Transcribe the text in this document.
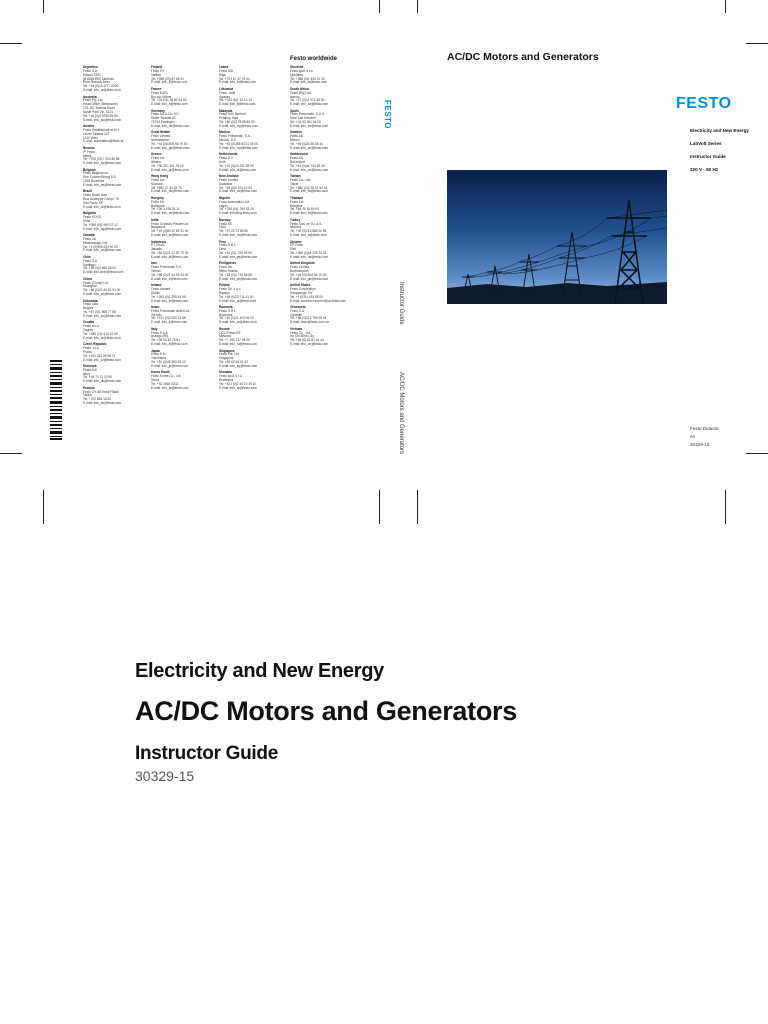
Festo worldwide
Argentina
Festo S.A.
Edison 2392
(B1640HRV) Martinez
Prov. Buenos Aires
Tel. +54 (0)11 4717 8200
E-mail: info_ar@festo.com
Australia
Festo Pty. Ltd.
Head Office (Melbourne)
179-187 Browns Road
Noble Park Vic. 3174
Tel. +61 (0)3 9795 95 55
E-mail: info_au@festo.com
Austria
Festo Gesellschaft m.b.H.
Linzer Strasse 227
1140 Wien
E-mail: automation@festo.at
Belarus
IP Festo
Minsk
Tel. +375 (0)17 204 85 58
E-mail: info_by@festo.com
Belgium
Festo Belgium sa
Rue Colonel Bourg 101
1030 Bruxelles
E-mail: info_be@festo.com
Brazil
Festo Brasil Ltda
Rua Guiseppe Crespi, 76
Sao Paulo SP
E-mail: info_br@festo.com
Bulgaria
Festo EOOD
Sofia
Tel. +359 (0)2 960 07 12
E-mail: info_bg@festo.com
Canada
Festo Inc.
Mississauga, ON
Tel. +1 (0)905 624 90 00
E-mail: info_ca@festo.com
Chile
Festo S.A.
Santiago
Tel. +56 (0)2 690 28 00
E-mail: info.chile@festo.com
China
Festo (China) Ltd.
Shanghai
Tel. +86 (0)21 60 81 51 00
E-mail: info_cn@festo.com
Colombia
Festo Ltda.
Bogota
Tel. +57 (0)1 865 77 88
E-mail: info_co@festo.com
Croatia
Festo d.o.o.
Zagreb
Tel. +385 (0)1 619 19 69
E-mail: info_hr@festo.com
Czech Republic
Festo, s.r.o.
Praha
Tel. +420 261 09 96 11
E-mail: info_cz@festo.com
Denmark
Festo A/S
Ishoj
Tel. +45 70 21 10 90
E-mail: info_dk@festo.com
Estonia
Festo OY AB Eesti Filiaal
Tallinn
Tel. +372 666 15 60
E-mail: info_ee@festo.com
Finland
Festo OY
Vantaa
Tel. +358 (09) 87 06 51
E-mail: info_fi@festo.com
France
Festo EURL
Bry-sur-Marne
Tel. +33 (0)1 48 82 64 00
E-mail: info_fr@festo.com
Germany
Festo AG & Co. KG
Ruiter Strasse 82
73734 Esslingen
E-mail: info_de@festo.com
Great Britain
Festo Limited
Northampton
Tel. +44 (0)1604 66 70 00
E-mail: info_gb@festo.com
Greece
Festo Ltd.
Athens
Tel. +30 210 341 29 00
E-mail: info_gr@festo.com
Hong Kong
Festo Ltd.
Kowloon
Tel. +852 27 43 83 79
E-mail: info_hk@festo.com
Hungary
Festo Kft.
Budapest
Tel. +36 1 436 51 11
E-mail: info_hu@festo.com
India
Festo Controls Private Ltd.
Bangalore
Tel. +91 (0)80 22 89 41 00
E-mail: info_in@festo.com
Indonesia
PT. Festo
Jakarta
Tel. +62 (0)21 27 50 79 00
E-mail: info_id@festo.com
Iran
Festo Pneumatic S.K.
Tehran
Tel. +98 (0)21 44 52 24 09
E-mail: info_ir@festo.com
Ireland
Festo Limited
Dublin
Tel. +353 (0)1 295 49 55
E-mail: info_ie@festo.com
Israel
Festo Pneumatic Israel Ltd.
Tel Aviv
Tel. +972 (0)3 632 22 66
E-mail: info_il@festo.com
Italy
Festo S.p.A.
Assago (MI)
Tel. +39 02 45 78 81
E-mail: info_it@festo.com
Japan
Festo K.K.
Yokohama
Tel. +81 (0)45 593 56 10
E-mail: info_jp@festo.com
Korea South
Festo Korea Co., Ltd.
Seoul
Tel. +82 1666 0202
E-mail: info_kr@festo.com
Latvia
Festo SIA
Riga
Tel. +371 67 57 78 64
E-mail: info_lv@festo.com
Lithuania
Festo, UAB
Kaunas
Tel. +370 (8)7 32 13 14
E-mail: info_lt@festo.com
Malaysia
Festo Sdn. Berhad
Petaling Jaya
Tel. +60 (0)3 78 85 80 00
E-mail: info_my@festo.com
Mexico
Festo Pneumatic, S.A.
Mexico, D.F.
Tel. +52 (01)55 53 21 66 00
E-mail: info_mx@festo.com
Netherlands
Festo B.V.
Delft
Tel. +31 (0)15 251 88 99
E-mail: info_nl@festo.com
New Zealand
Festo Limited
Auckland
Tel. +64 (0)9 574 10 94
E-mail: info_nz@festo.com
Nigeria
Festo Automation Ltd.
Lagos
Tel. +234 (0)1 794 78 20
E-mail: info@ng-festo.com
Norway
Festo AS
Oslo
Tel. +47 22 72 89 50
E-mail: info_no@festo.com
Peru
Festo S.R.L.
Lima
Tel. +51 (0)1 219 69 60
E-mail: info_pe@festo.com
Philippines
Festo Inc.
Metro Manila
Tel. +63 (0)2 776 68 88
E-mail: info_ph@festo.com
Poland
Festo Sp. z o.o.
Raszyn
Tel. +48 (0)22 711 41 00
E-mail: info_pl@festo.com
Romania
Festo S.R.L.
Bucuresti
Tel. +40 (0)21 403 95 00
E-mail: info_ro@festo.com
Russia
OOO Festo-RF
Moscow
Tel. +7 495 737 34 00
E-mail: info_ru@festo.com
Singapore
Festo Pte. Ltd.
Singapore
Tel. +65 62 64 01 52
E-mail: info_sg@festo.com
Slovakia
Festo spol. s r.o.
Bratislava
Tel. +421 (0)2 49 10 49 10
E-mail: info_sk@festo.com
Slovenia
Festo spol. s r.o.
Ljubljana
Tel. +386 (0)1 530 21 00
E-mail: info_si@festo.com
South Africa
Festo (Pty) Ltd.
Isando
Tel. +27 (0)11 971 55 00
E-mail: info_za@festo.com
Spain
Festo Pneumatic, S.A.U.
Sant Just Desvern
Tel. +34 93 261 64 00
E-mail: info_es@festo.com
Sweden
Festo AB
Malmo
Tel. +46 (0)20 38 38 40
E-mail: info_se@festo.com
Switzerland
Festo AG
Dubendorf
Tel. +41 (0)44 744 55 44
E-mail: info_ch@festo.com
Taiwan
Festo Co., Ltd.
Taipei
Tel. +886 (0)2 26 01 92 81
E-mail: info_tw@festo.com
Thailand
Festo Ltd.
Bangkok
Tel. +66 29 30 64 00
E-mail: info_th@festo.com
Turkey
Festo San. ve Tic. A.S.
Istanbul
Tel. +90 (0)216 585 00 85
E-mail: info_tr@festo.com
Ukraine
DP Festo
Kiev
Tel. +380 (0)44 239 24 33
E-mail: info_ua@festo.com
United Kingdom
Festo Limited
Northampton
Tel. +44 (0)1604 66 70 00
E-mail: info_gb@festo.com
United States
Festo Corporation
Hauppauge, NY
Tel. +1 (631) 435 08 00
E-mail: customer.service@us.festo.com
Venezuela
Festo C.A.
Caracas
Tel. +58 (0)212 759 09 44
E-mail: festo@festo.com.ve
Vietnam
Festo Co., Ltd.
Ho Chi Minh City
Tel. +84 (8) 62 81 44 44
E-mail: info_vn@festo.com
FESTO
Instructor Guide
AC/DC Motors and Generators
AC/DC Motors and Generators
FESTO
Electricity and New Energy
LabVolt Series
Instructor Guide
220 V - 50 Hz
Festo Didactic
en
30329-15
Electricity and New Energy
AC/DC Motors and Generators
Instructor Guide
30329-15
